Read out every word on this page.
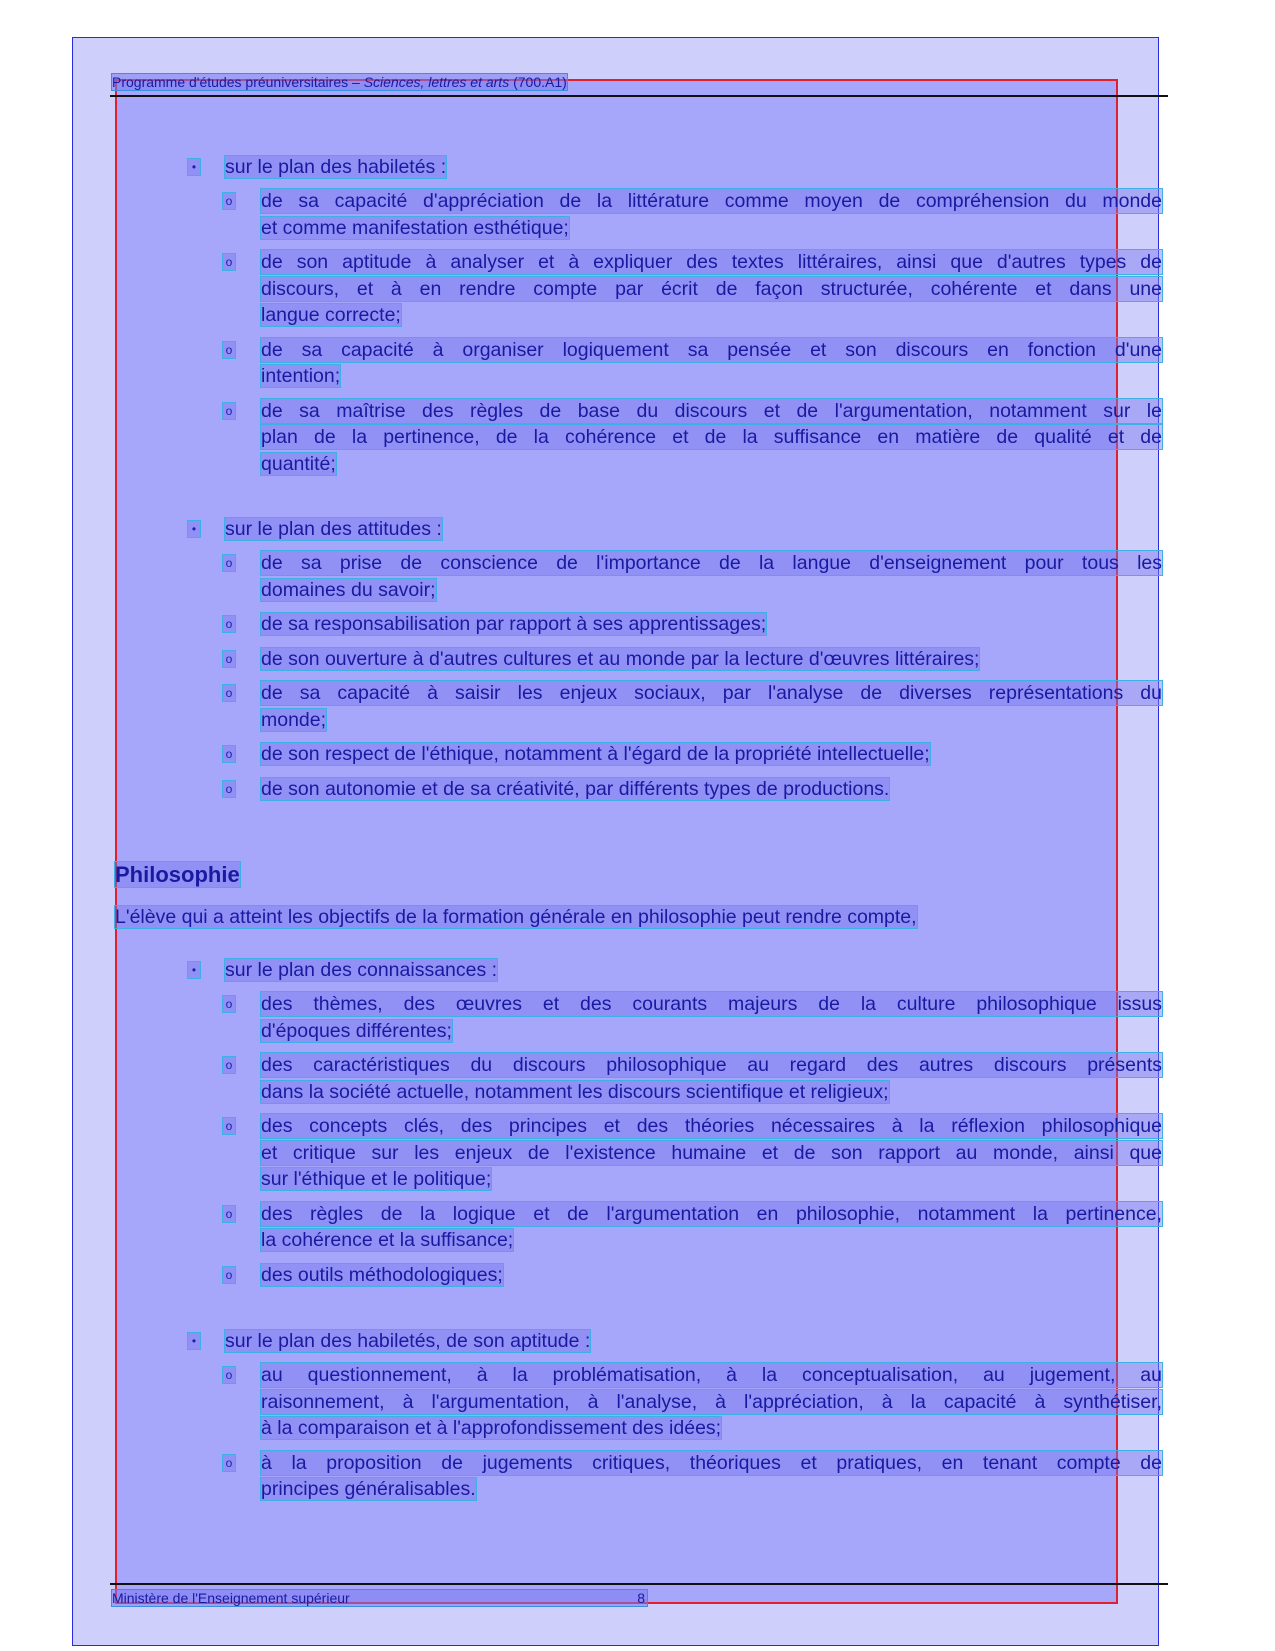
Programme d'études préuniversitaires – Sciences, lettres et arts (700.A1)
• sur le plan des habiletés :
o de sa capacité d'appréciation de la littérature comme moyen de compréhension du monde
et comme manifestation esthétique;
o de son aptitude à analyser et à expliquer des textes littéraires, ainsi que d'autres types de
discours, et à en rendre compte par écrit de façon structurée, cohérente et dans une
langue correcte;
o de sa capacité à organiser logiquement sa pensée et son discours en fonction d'une
intention;
o de sa maîtrise des règles de base du discours et de l'argumentation, notamment sur le
plan de la pertinence, de la cohérence et de la suffisance en matière de qualité et de
quantité;
• sur le plan des attitudes :
o de sa prise de conscience de l'importance de la langue d'enseignement pour tous les
domaines du savoir;
o de sa responsabilisation par rapport à ses apprentissages;
o de son ouverture à d'autres cultures et au monde par la lecture d'œuvres littéraires;
o de sa capacité à saisir les enjeux sociaux, par l'analyse de diverses représentations du
monde;
o de son respect de l'éthique, notamment à l'égard de la propriété intellectuelle;
o de son autonomie et de sa créativité, par différents types de productions.
Philosophie
L'élève qui a atteint les objectifs de la formation générale en philosophie peut rendre compte,
• sur le plan des connaissances :
o des thèmes, des œuvres et des courants majeurs de la culture philosophique issus
d'époques différentes;
o des caractéristiques du discours philosophique au regard des autres discours présents
dans la société actuelle, notamment les discours scientifique et religieux;
o des concepts clés, des principes et des théories nécessaires à la réflexion philosophique
et critique sur les enjeux de l'existence humaine et de son rapport au monde, ainsi que
sur l'éthique et le politique;
o des règles de la logique et de l'argumentation en philosophie, notamment la pertinence,
la cohérence et la suffisance;
o des outils méthodologiques;
• sur le plan des habiletés, de son aptitude :
o au questionnement, à la problématisation, à la conceptualisation, au jugement, au
raisonnement, à l'argumentation, à l'analyse, à l'appréciation, à la capacité à synthétiser,
à la comparaison et à l'approfondissement des idées;
o à la proposition de jugements critiques, théoriques et pratiques, en tenant compte de
principes généralisables.
Ministère de l'Enseignement supérieur	8
